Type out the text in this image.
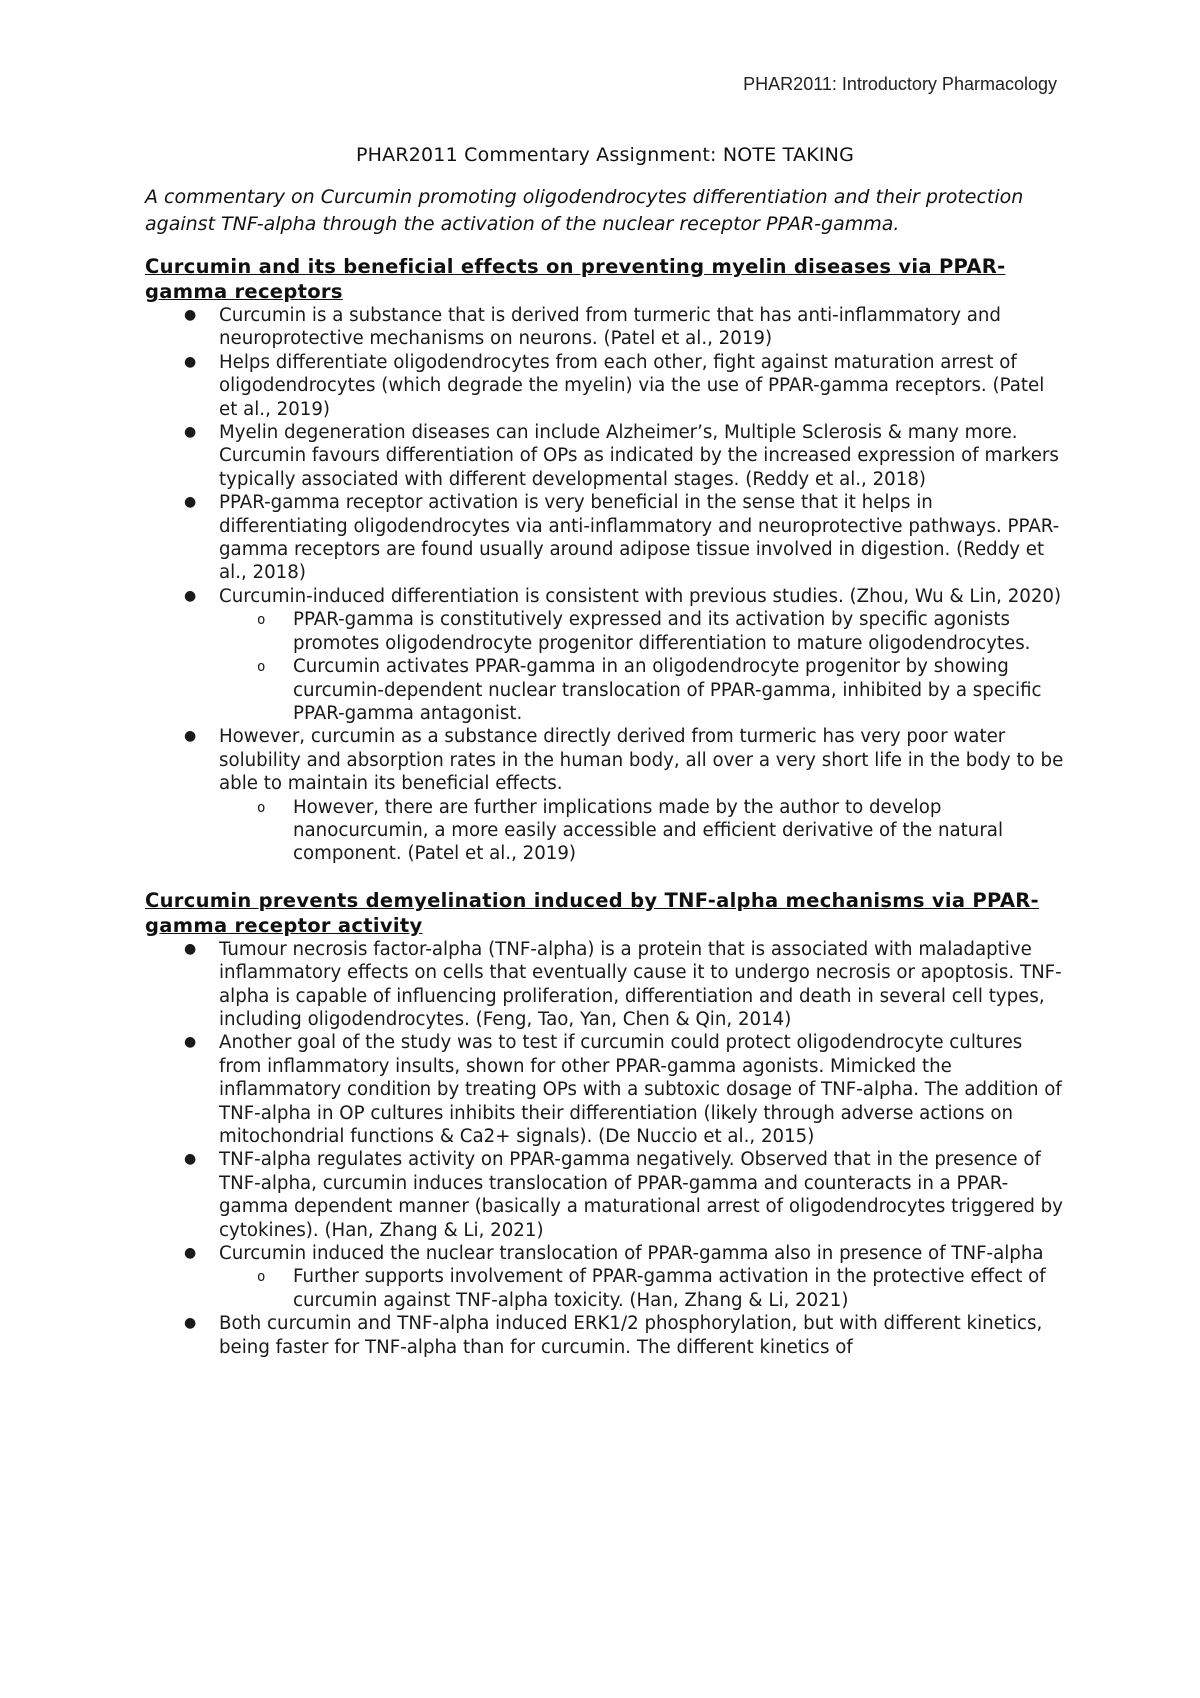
PHAR2011: Introductory Pharmacology
PHAR2011 Commentary Assignment: NOTE TAKING
A commentary on Curcumin promoting oligodendrocytes differentiation and their protection against TNF-alpha through the activation of the nuclear receptor PPAR-gamma.
Curcumin and its beneficial effects on preventing myelin diseases via PPAR-gamma receptors
● Curcumin is a substance that is derived from turmeric that has anti-inflammatory and neuroprotective mechanisms on neurons. (Patel et al., 2019)
● Helps differentiate oligodendrocytes from each other, fight against maturation arrest of oligodendrocytes (which degrade the myelin) via the use of PPAR-gamma receptors. (Patel et al., 2019)
● Myelin degeneration diseases can include Alzheimer’s, Multiple Sclerosis & many more. Curcumin favours differentiation of OPs as indicated by the increased expression of markers typically associated with different developmental stages. (Reddy et al., 2018)
● PPAR-gamma receptor activation is very beneficial in the sense that it helps in differentiating oligodendrocytes via anti-inflammatory and neuroprotective pathways. PPAR-gamma receptors are found usually around adipose tissue involved in digestion. (Reddy et al., 2018)
● Curcumin-induced differentiation is consistent with previous studies. (Zhou, Wu & Lin, 2020)
o PPAR-gamma is constitutively expressed and its activation by specific agonists promotes oligodendrocyte progenitor differentiation to mature oligodendrocytes.
o Curcumin activates PPAR-gamma in an oligodendrocyte progenitor by showing curcumin-dependent nuclear translocation of PPAR-gamma, inhibited by a specific PPAR-gamma antagonist.
● However, curcumin as a substance directly derived from turmeric has very poor water solubility and absorption rates in the human body, all over a very short life in the body to be able to maintain its beneficial effects.
o However, there are further implications made by the author to develop nanocurcumin, a more easily accessible and efficient derivative of the natural component. (Patel et al., 2019)
Curcumin prevents demyelination induced by TNF-alpha mechanisms via PPAR-gamma receptor activity
● Tumour necrosis factor-alpha (TNF-alpha) is a protein that is associated with maladaptive inflammatory effects on cells that eventually cause it to undergo necrosis or apoptosis. TNF-alpha is capable of influencing proliferation, differentiation and death in several cell types, including oligodendrocytes. (Feng, Tao, Yan, Chen & Qin, 2014)
● Another goal of the study was to test if curcumin could protect oligodendrocyte cultures from inflammatory insults, shown for other PPAR-gamma agonists. Mimicked the inflammatory condition by treating OPs with a subtoxic dosage of TNF-alpha. The addition of TNF-alpha in OP cultures inhibits their differentiation (likely through adverse actions on mitochondrial functions & Ca2+ signals). (De Nuccio et al., 2015)
● TNF-alpha regulates activity on PPAR-gamma negatively. Observed that in the presence of TNF-alpha, curcumin induces translocation of PPAR-gamma and counteracts in a PPAR-gamma dependent manner (basically a maturational arrest of oligodendrocytes triggered by cytokines). (Han, Zhang & Li, 2021)
● Curcumin induced the nuclear translocation of PPAR-gamma also in presence of TNF-alpha
o Further supports involvement of PPAR-gamma activation in the protective effect of curcumin against TNF-alpha toxicity. (Han, Zhang & Li, 2021)
● Both curcumin and TNF-alpha induced ERK1/2 phosphorylation, but with different kinetics, being faster for TNF-alpha than for curcumin. The different kinetics of
